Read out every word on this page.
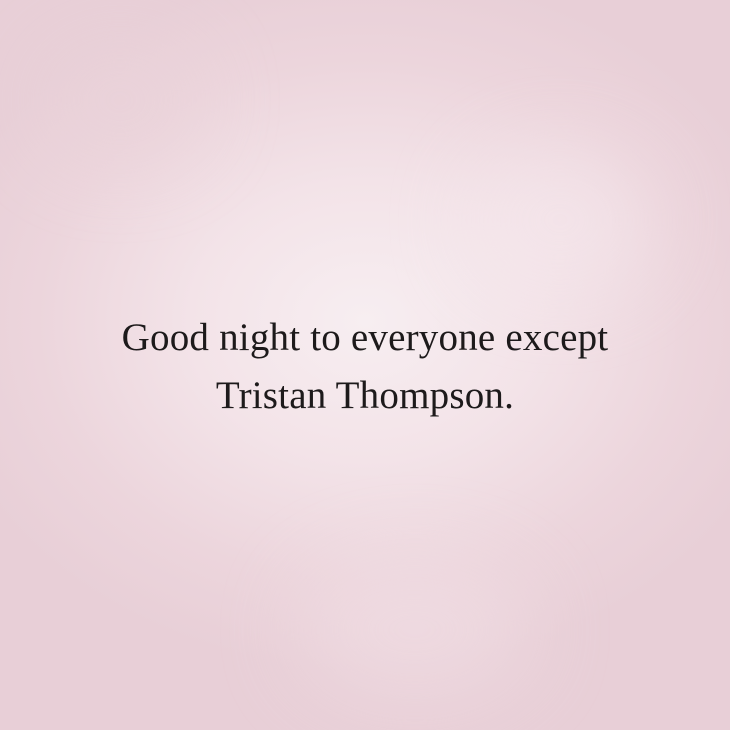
Good night to everyone except
Tristan Thompson.
